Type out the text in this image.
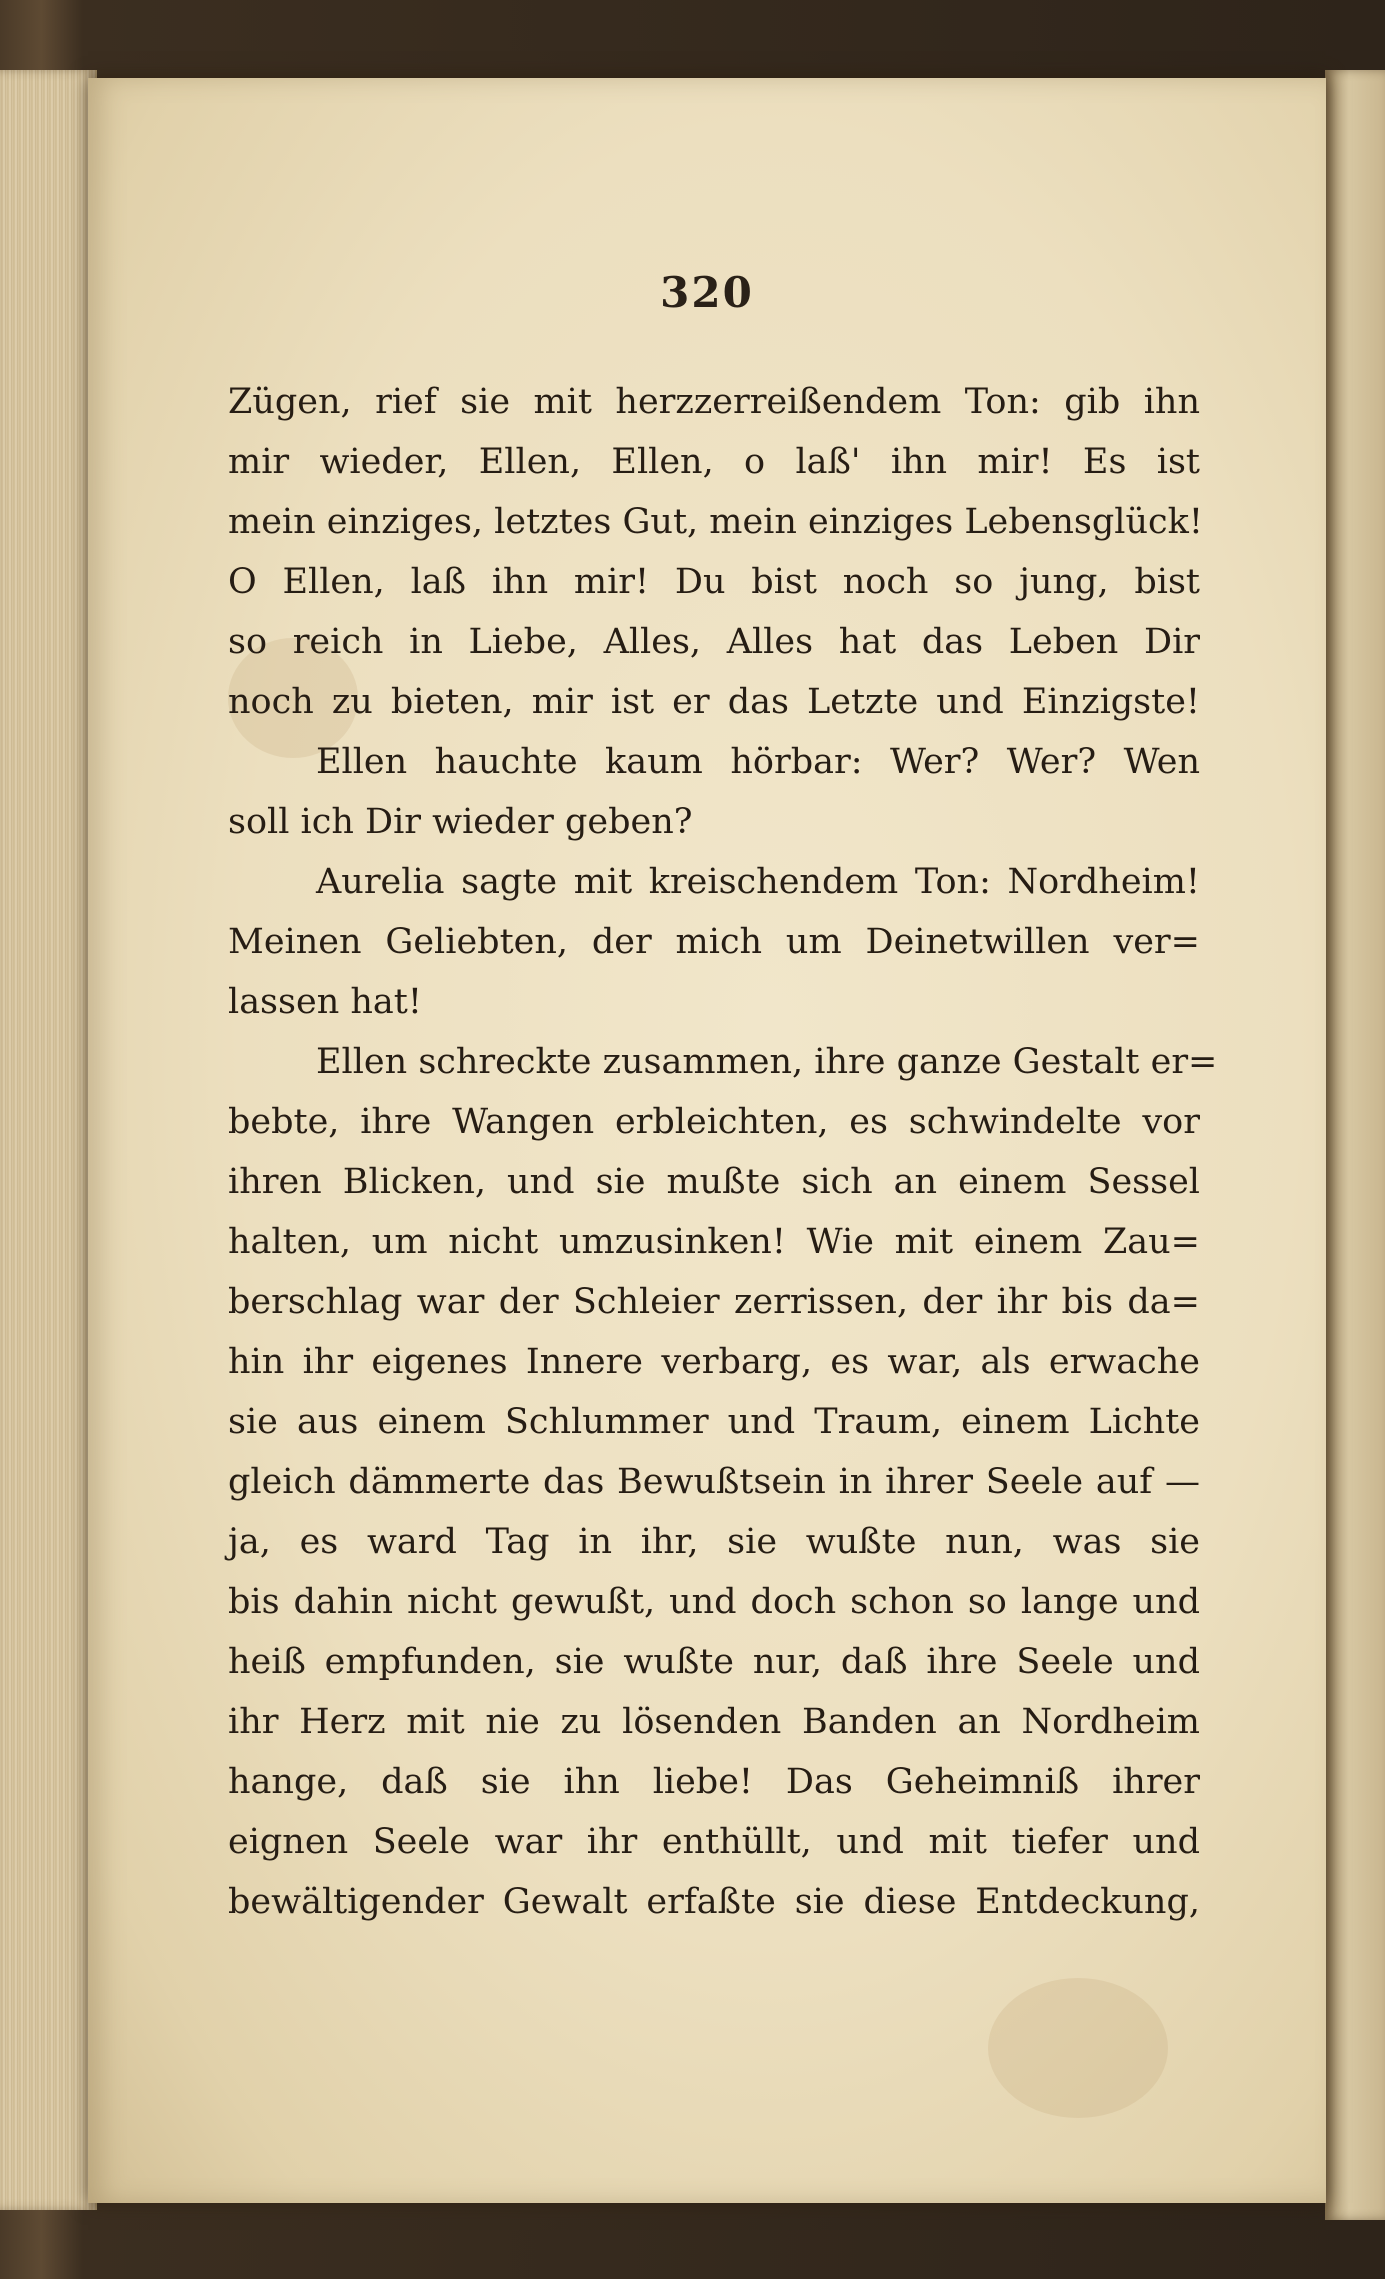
320
Zügen, rief sie mit herzzerreißendem Ton: gib ihn
mir wieder, Ellen, Ellen, o laß' ihn mir! Es ist
mein einziges, letztes Gut, mein einziges Lebensglück!
O Ellen, laß ihn mir! Du bist noch so jung, bist
so reich in Liebe, Alles, Alles hat das Leben Dir
noch zu bieten, mir ist er das Letzte und Einzigste!
Ellen hauchte kaum hörbar: Wer? Wer? Wen
soll ich Dir wieder geben?
Aurelia sagte mit kreischendem Ton: Nordheim!
Meinen Geliebten, der mich um Deinetwillen ver=
lassen hat!
Ellen schreckte zusammen, ihre ganze Gestalt er=
bebte, ihre Wangen erbleichten, es schwindelte vor
ihren Blicken, und sie mußte sich an einem Sessel
halten, um nicht umzusinken! Wie mit einem Zau=
berschlag war der Schleier zerrissen, der ihr bis da=
hin ihr eigenes Innere verbarg, es war, als erwache
sie aus einem Schlummer und Traum, einem Lichte
gleich dämmerte das Bewußtsein in ihrer Seele auf —
ja, es ward Tag in ihr, sie wußte nun, was sie
bis dahin nicht gewußt, und doch schon so lange und
heiß empfunden, sie wußte nur, daß ihre Seele und
ihr Herz mit nie zu lösenden Banden an Nordheim
hange, daß sie ihn liebe! Das Geheimniß ihrer
eignen Seele war ihr enthüllt, und mit tiefer und
bewältigender Gewalt erfaßte sie diese Entdeckung,
